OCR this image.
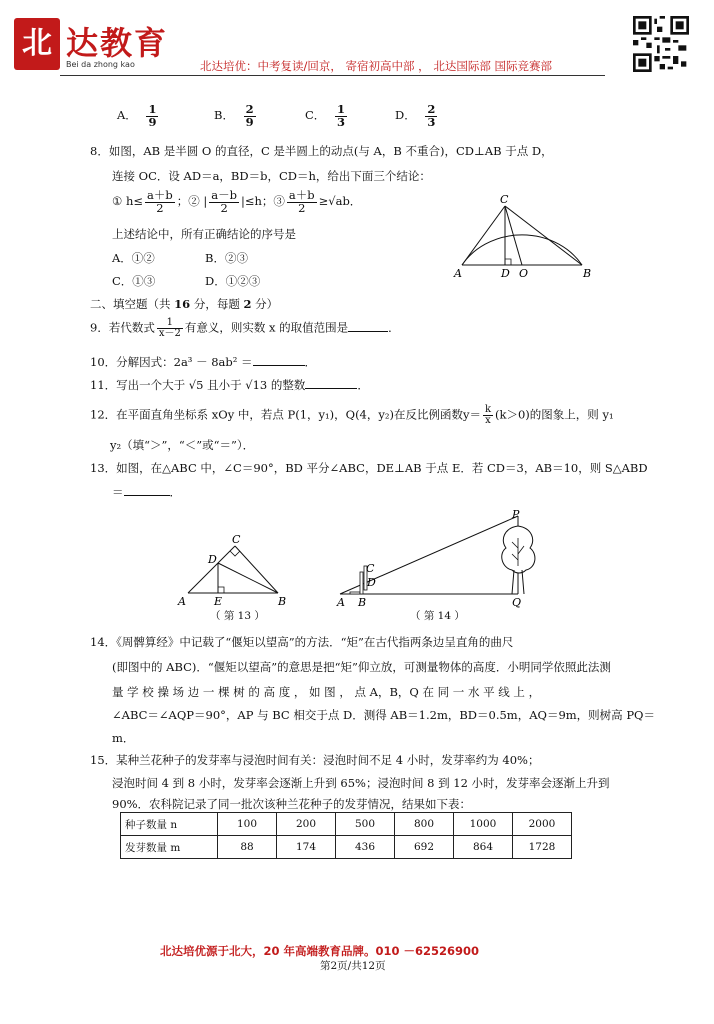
北 达教育
Bei da zhong kao	北达培优：中考复读/回京， 寄宿初高中部 ， 北达国际部 国际竞赛部
A． $\frac{1}{9}$	B． $\frac{2}{9}$	C． $\frac{1}{3}$	D． $\frac{2}{3}$
8．如图，AB 是半圆 O 的直径，C 是半圆上的动点(与 A，B 不重合)，CD⊥AB 于点 D，
连接 OC．设 AD＝a，BD＝b，CD＝h，给出下面三个结论：
① $h\le \frac{a+b}{2}$ ；② | $\frac{a-b}{2} |\le h$；③ $\frac{a+b}{2} \ge√ab$．
上述结论中，所有正确结论的序号是
A．①②	B．②③
C．①③	D．①②③
C
A	D O	B
二、填空题（共 16 分，每题 2 分）
9．若代数式 $\frac{1}{x-2}$ 有意义，则实数 x 的取值范围是	．
10．分解因式：2a³ － 8ab² ＝	．
11．写出一个大于 √5 且小于 √13 的整数	．
12．在平面直角坐标系 xOy 中，若点 P(1，y₁)，Q(4，y₂)在反比例函数$y= \frac{k}{x} (k>0)$的图象上，则 y₁
y₂（填“＞”，“＜”或“＝”）．
13．如图，在△ABC 中，∠C＝90°，BD 平分∠ABC，DE⊥AB 于点 E．若 CD＝3，AB＝10，则 S△ABD
＝	．
C
D
A	E	B
（ 第 13 ）
P
C
D
A B	Q
（ 第 14 ）
14．《周髀算经》中记载了“偃矩以望高”的方法．“矩”在古代指两条边呈直角的曲尺
(即图中的 ABC)．“偃矩以望高”的意思是把“矩”仰立放，可测量物体的高度．小明同学依照此法测
量 学 校 操 场 边 一 棵 树 的 高 度 ， 如 图 ， 点 A，B，Q 在 同 一 水 平 线 上 ，
∠ABC＝∠AQP＝90°，AP 与 BC 相交于点 D．测得 AB＝1.2m，BD＝0.5m，AQ＝9m，则树高 PQ＝
m．
15．某种兰花种子的发芽率与浸泡时间有关：浸泡时间不足 4 小时，发芽率约为 40%；
浸泡时间 4 到 8 小时，发芽率会逐渐上升到 65%；浸泡时间 8 到 12 小时，发芽率会逐渐上升到
90%．农科院记录了同一批次该种兰花种子的发芽情况，结果如下表：
种子数量 n	100	200	500	800	1000	2000
发芽数量 m	88	174	436	692	864	1728
北达培优源于北大，20 年高端教育品牌。010 －62526900
第2页/共12页
